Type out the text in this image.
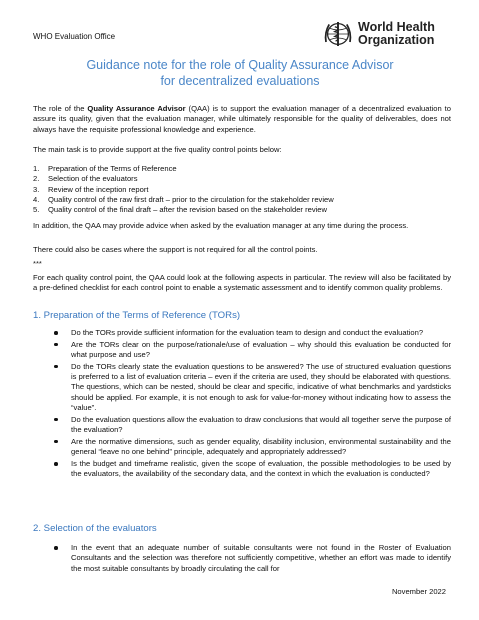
WHO Evaluation Office
World Health
Organization
Guidance note for the role of Quality Assurance Advisor
for decentralized evaluations
The role of the Quality Assurance Advisor (QAA) is to support the evaluation manager of a decentralized evaluation to assure its quality, given that the evaluation manager, while ultimately responsible for the quality of deliverables, does not always have the requisite professional knowledge and experience.
The main task is to provide support at the five quality control points below:
1.	Preparation of the Terms of Reference
2.	Selection of the evaluators
3.	Review of the inception report
4.	Quality control of the raw first draft – prior to the circulation for the stakeholder review
5.	Quality control of the final draft – after the revision based on the stakeholder review
In addition, the QAA may provide advice when asked by the evaluation manager at any time during the process.
There could also be cases where the support is not required for all the control points.
***
For each quality control point, the QAA could look at the following aspects in particular. The review will also be facilitated by a pre-defined checklist for each control point to enable a systematic assessment and to identify common quality problems.
1. Preparation of the Terms of Reference (TORs)
Do the TORs provide sufficient information for the evaluation team to design and conduct the evaluation?
Are the TORs clear on the purpose/rationale/use of evaluation – why should this evaluation be conducted for what purpose and use?
Do the TORs clearly state the evaluation questions to be answered? The use of structured evaluation questions is preferred to a list of evaluation criteria – even if the criteria are used, they should be elaborated with questions. The questions, which can be nested, should be clear and specific, indicative of what benchmarks and yardsticks should be applied. For example, it is not enough to ask for value-for-money without indicating how to assess the “value”.
Do the evaluation questions allow the evaluation to draw conclusions that would all together serve the purpose of the evaluation?
Are the normative dimensions, such as gender equality, disability inclusion, environmental sustainability and the general “leave no one behind” principle, adequately and appropriately addressed?
Is the budget and timeframe realistic, given the scope of evaluation, the possible methodologies to be used by the evaluators, the availability of the secondary data, and the context in which the evaluation is conducted?
2. Selection of the evaluators
In the event that an adequate number of suitable consultants were not found in the Roster of Evaluation Consultants and the selection was therefore not sufficiently competitive, whether an effort was made to identify the most suitable consultants by broadly circulating the call for
November 2022
